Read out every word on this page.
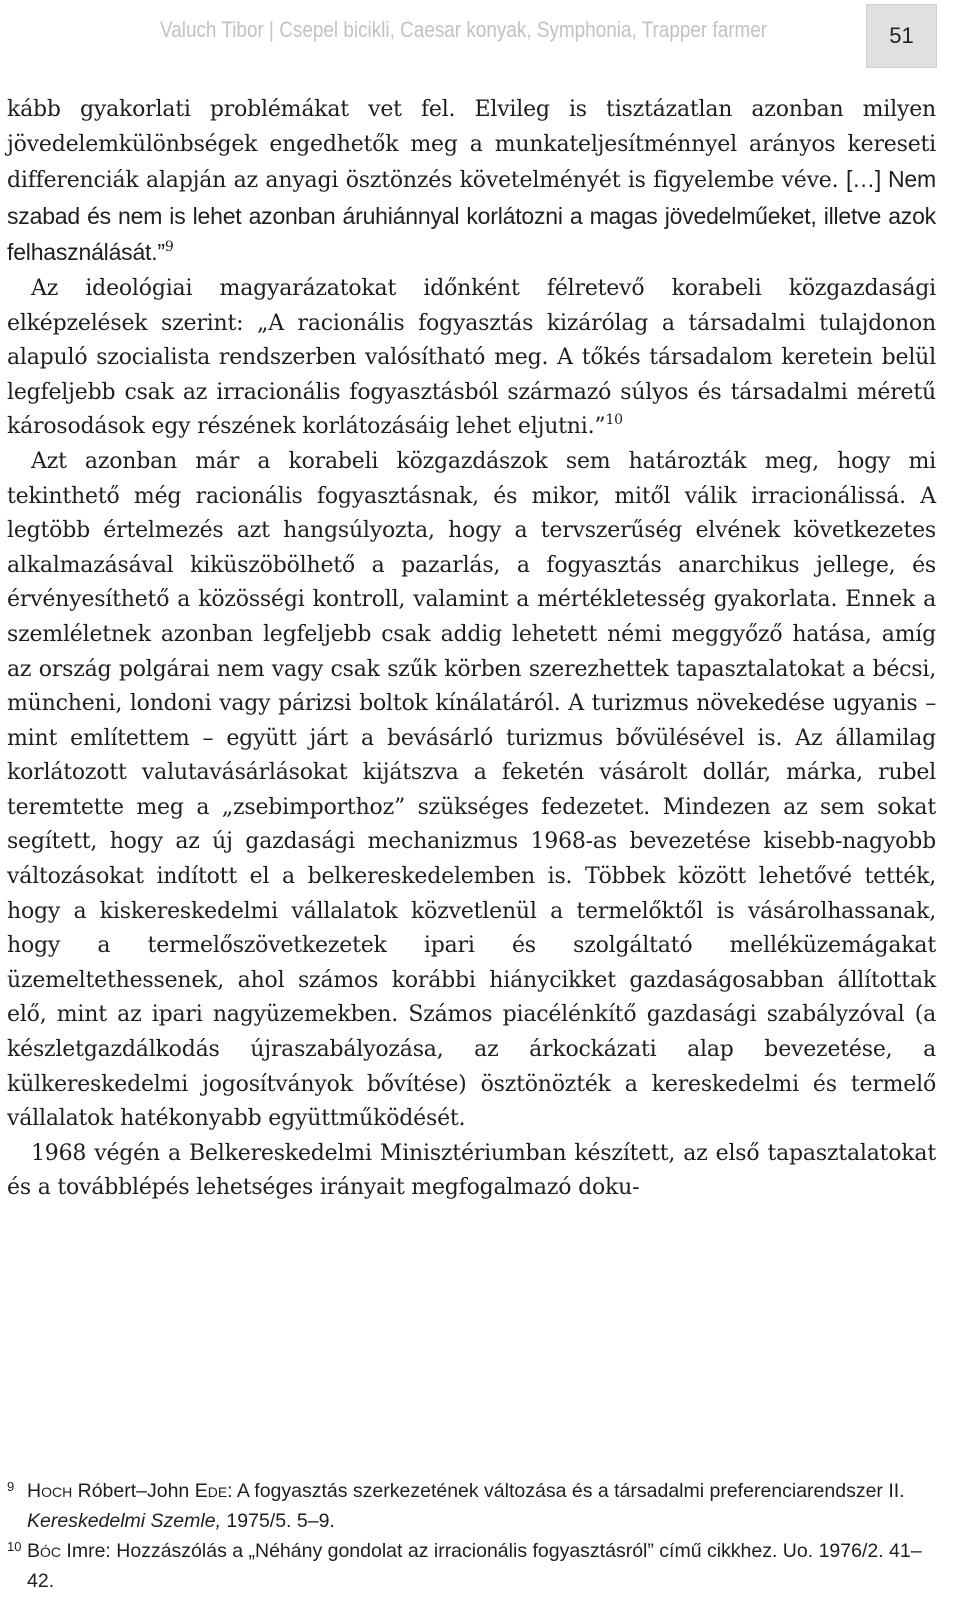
Valuch Tibor | Csepel bicikli, Caesar konyak, Symphonia, Trapper farmer	51

kább gyakorlati problémákat vet fel. Elvileg is tisztázatlan azonban milyen jövedelemkülönbségek engedhetők meg a munkateljesítménnyel arányos kereseti differenciák alapján az anyagi ösztönzés követelményét is figyelembe véve. […] Nem szabad és nem is lehet azonban áruhiánnyal korlátozni a magas jövedelműeket, illetve azok felhasználását.”$^9$

Az ideológiai magyarázatokat időnként félretevő korabeli közgazdasági elképzelések szerint: „A racionális fogyasztás kizárólag a társadalmi tulajdonon alapuló szocialista rendszerben valósítható meg. A tőkés társadalom keretein belül legfeljebb csak az irracionális fogyasztásból származó súlyos és társadalmi méretű károsodások egy részének korlátozásáig lehet eljutni.”$^{10}$

Azt azonban már a korabeli közgazdászok sem határozták meg, hogy mi tekinthető még racionális fogyasztásnak, és mikor, mitől válik irracionálissá. A legtöbb értelmezés azt hangsúlyozta, hogy a tervszerűség elvének következetes alkalmazásával kiküszöbölhető a pazarlás, a fogyasztás anarchikus jellege, és érvényesíthető a közösségi kontroll, valamint a mértékletesség gyakorlata. Ennek a szemléletnek azonban legfeljebb csak addig lehetett némi meggyőző hatása, amíg az ország polgárai nem vagy csak szűk körben szerezhettek tapasztalatokat a bécsi, müncheni, londoni vagy párizsi boltok kínálatáról. A turizmus növekedése ugyanis – mint említettem – együtt járt a bevásárló turizmus bővülésével is. Az államilag korlátozott valutavásárlásokat kijátszva a feketén vásárolt dollár, márka, rubel teremtette meg a „zsebimporthoz” szükséges fedezetet. Mindezen az sem sokat segített, hogy az új gazdasági mechanizmus 1968-as bevezetése kisebb-nagyobb változásokat indított el a belkereskedelemben is. Többek között lehetővé tették, hogy a kiskereskedelmi vállalatok közvetlenül a termelőktől is vásárolhassanak, hogy a termelőszövetkezetek ipari és szolgáltató melléküzemágakat üzemeltethessenek, ahol számos korábbi hiánycikket gazdaságosabban állítottak elő, mint az ipari nagyüzemekben. Számos piacélénkítő gazdasági szabályzóval (a készletgazdálkodás újraszabályozása, az árkockázati alap bevezetése, a külkereskedelmi jogosítványok bővítése) ösztönözték a kereskedelmi és termelő vállalatok hatékonyabb együttműködését.

1968 végén a Belkereskedelmi Minisztériumban készített, az első tapasztalatokat és a továbblépés lehetséges irányait megfogalmazó doku-

9 Hoch Róbert–John Ede: A fogyasztás szerkezetének változása és a társadalmi preferenciarendszer II.
Kereskedelmi Szemle, 1975/5. 5–9.
10 Bóc Imre: Hozzászólás a „Néhány gondolat az irracionális fogyasztásról” című cikkhez. Uo. 1976/2. 41–42.
